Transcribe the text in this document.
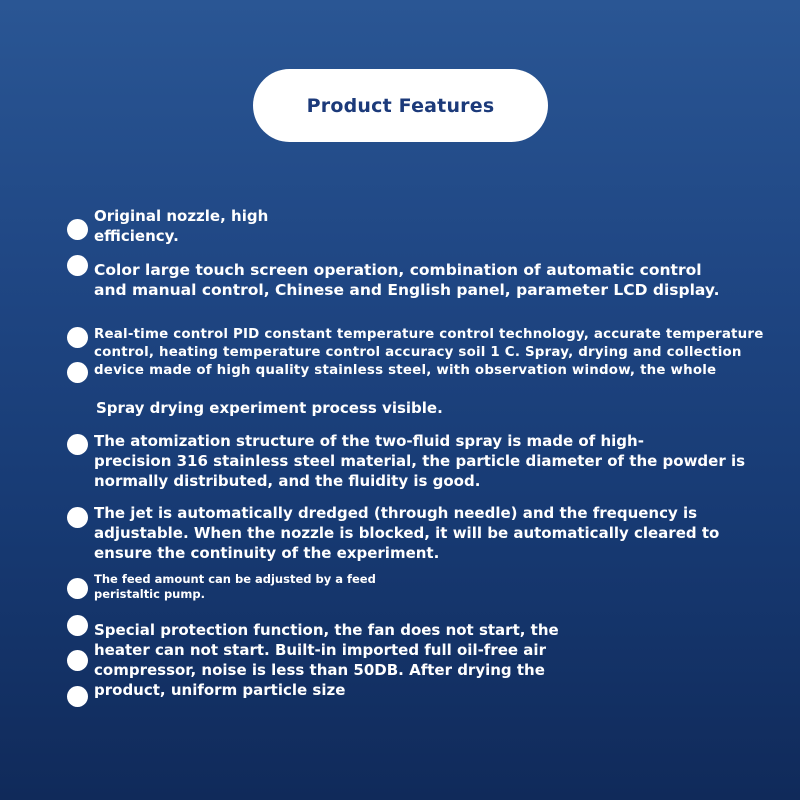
Product Features

Original nozzle, high
efficiency.

Color large touch screen operation, combination of automatic control
and manual control, Chinese and English panel, parameter LCD display.

Real-time control PID constant temperature control technology, accurate temperature
control, heating temperature control accuracy soil 1 C. Spray, drying and collection
device made of high quality stainless steel, with observation window, the whole

Spray drying experiment process visible.

The atomization structure of the two-fluid spray is made of high-
precision 316 stainless steel material, the particle diameter of the powder is
normally distributed, and the fluidity is good.

The jet is automatically dredged (through needle) and the frequency is
adjustable. When the nozzle is blocked, it will be automatically cleared to
ensure the continuity of the experiment.

The feed amount can be adjusted by a feed
peristaltic pump.

Special protection function, the fan does not start, the
heater can not start. Built-in imported full oil-free air
compressor, noise is less than 50DB. After drying the
product, uniform particle size
